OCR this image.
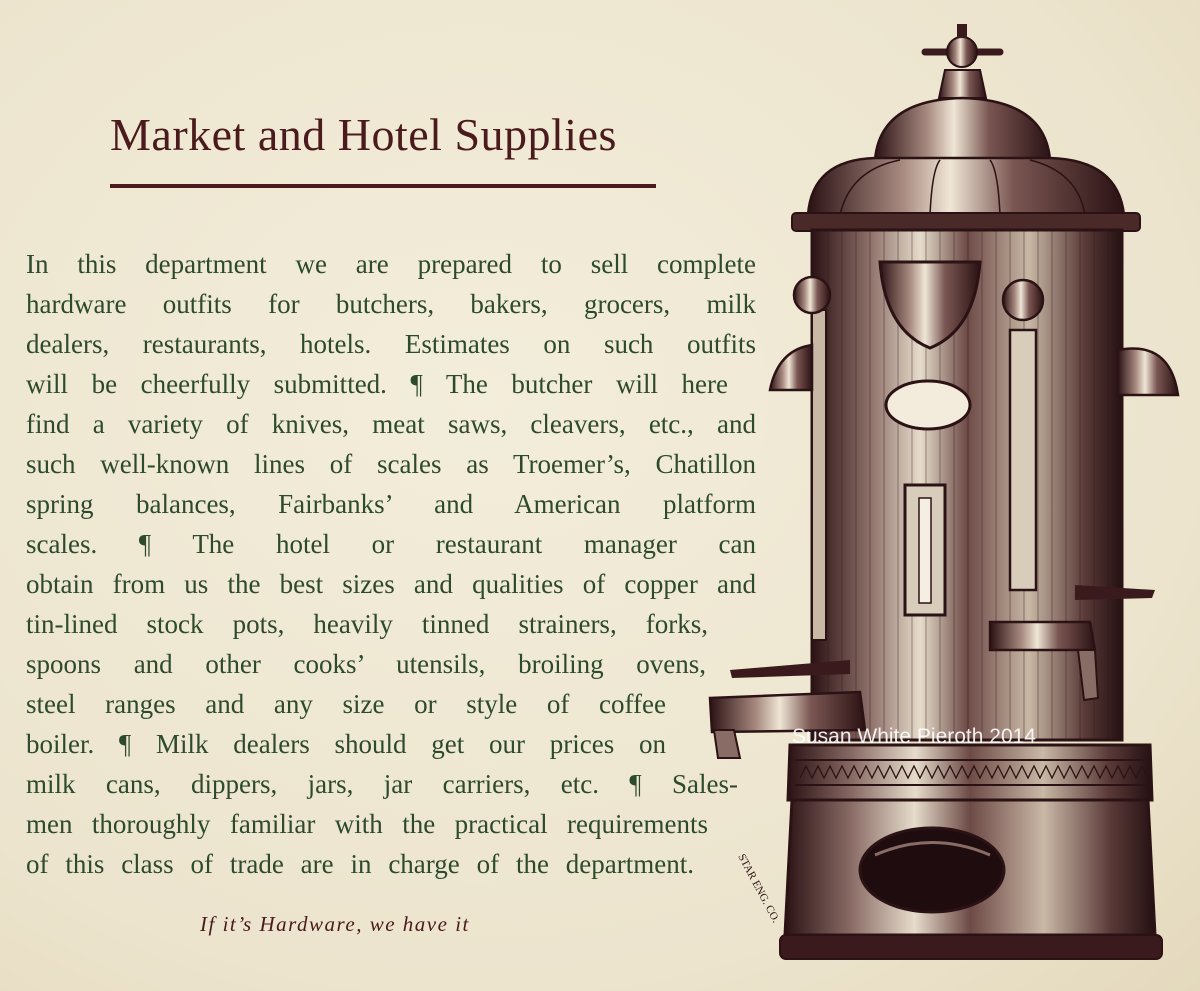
Market and Hotel Supplies
In this department we are prepared to sell complete
hardware outfits for butchers, bakers, grocers, milk
dealers, restaurants, hotels. Estimates on such outfits
will be cheerfully submitted. ¶ The butcher will here
find a variety of knives, meat saws, cleavers, etc., and
such well-known lines of scales as Troemer’s, Chatillon
spring balances, Fairbanks’ and American platform
scales. ¶ The hotel or restaurant manager can
obtain from us the best sizes and qualities of copper and
tin-lined stock pots, heavily tinned strainers, forks,
spoons and other cooks’ utensils, broiling ovens,
steel ranges and any size or style of coffee
boiler. ¶ Milk dealers should get our prices on
milk cans, dippers, jars, jar carriers, etc. ¶ Sales-
men thoroughly familiar with the practical requirements
of this class of trade are in charge of the department.

If it’s Hardware, we have it

Susan White Pieroth 2014

STAR ENG. CO.
